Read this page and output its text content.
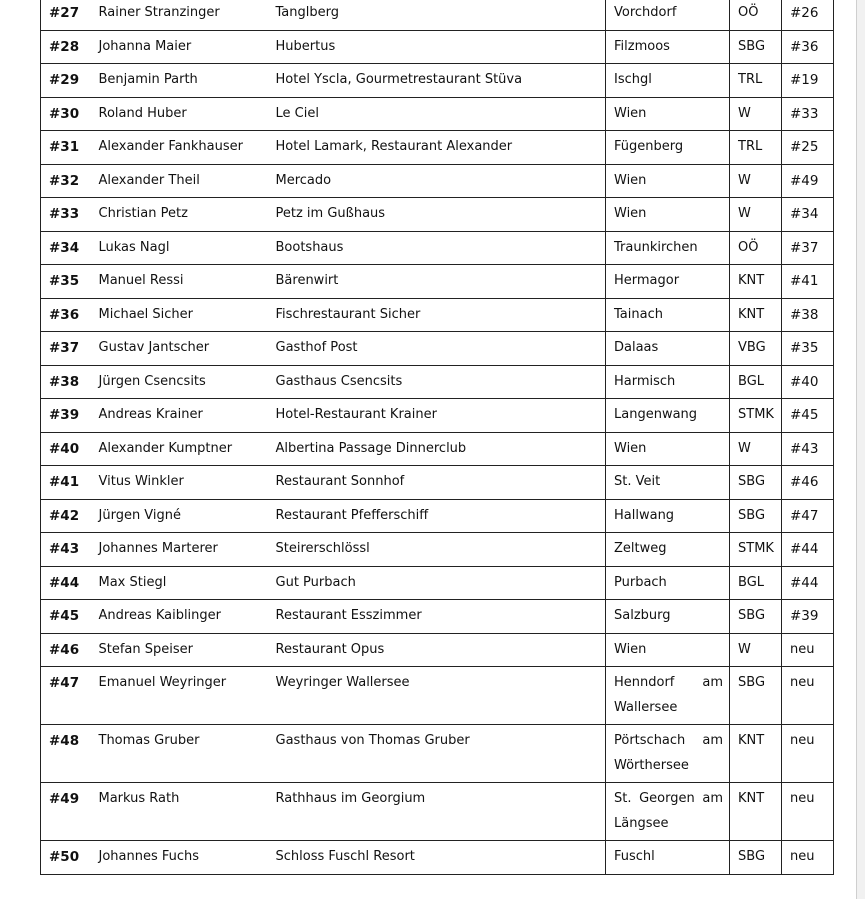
#27	Rainer Stranzinger	Tanglberg	Vorchdorf	OÖ	#26
#28	Johanna Maier	Hubertus	Filzmoos	SBG	#36
#29	Benjamin Parth	Hotel Yscla, Gourmetrestaurant Stüva	Ischgl	TRL	#19
#30	Roland Huber	Le Ciel	Wien	W	#33
#31	Alexander Fankhauser	Hotel Lamark, Restaurant Alexander	Fügenberg	TRL	#25
#32	Alexander Theil	Mercado	Wien	W	#49
#33	Christian Petz	Petz im Gußhaus	Wien	W	#34
#34	Lukas Nagl	Bootshaus	Traunkirchen	OÖ	#37
#35	Manuel Ressi	Bärenwirt	Hermagor	KNT	#41
#36	Michael Sicher	Fischrestaurant Sicher	Tainach	KNT	#38
#37	Gustav Jantscher	Gasthof Post	Dalaas	VBG	#35
#38	Jürgen Csencsits	Gasthaus Csencsits	Harmisch	BGL	#40
#39	Andreas Krainer	Hotel-Restaurant Krainer	Langenwang	STMK	#45
#40	Alexander Kumptner	Albertina Passage Dinnerclub	Wien	W	#43
#41	Vitus Winkler	Restaurant Sonnhof	St. Veit	SBG	#46
#42	Jürgen Vigné	Restaurant Pfefferschiff	Hallwang	SBG	#47
#43	Johannes Marterer	Steirerschlössl	Zeltweg	STMK	#44
#44	Max Stiegl	Gut Purbach	Purbach	BGL	#44
#45	Andreas Kaiblinger	Restaurant Esszimmer	Salzburg	SBG	#39
#46	Stefan Speiser	Restaurant Opus	Wien	W	neu
#47	Emanuel Weyringer	Weyringer Wallersee	Henndorf am Wallersee	SBG	neu
#48	Thomas Gruber	Gasthaus von Thomas Gruber	Pörtschach am Wörthersee	KNT	neu
#49	Markus Rath	Rathhaus im Georgium	St. Georgen am Längsee	KNT	neu
#50	Johannes Fuchs	Schloss Fuschl Resort	Fuschl	SBG	neu
